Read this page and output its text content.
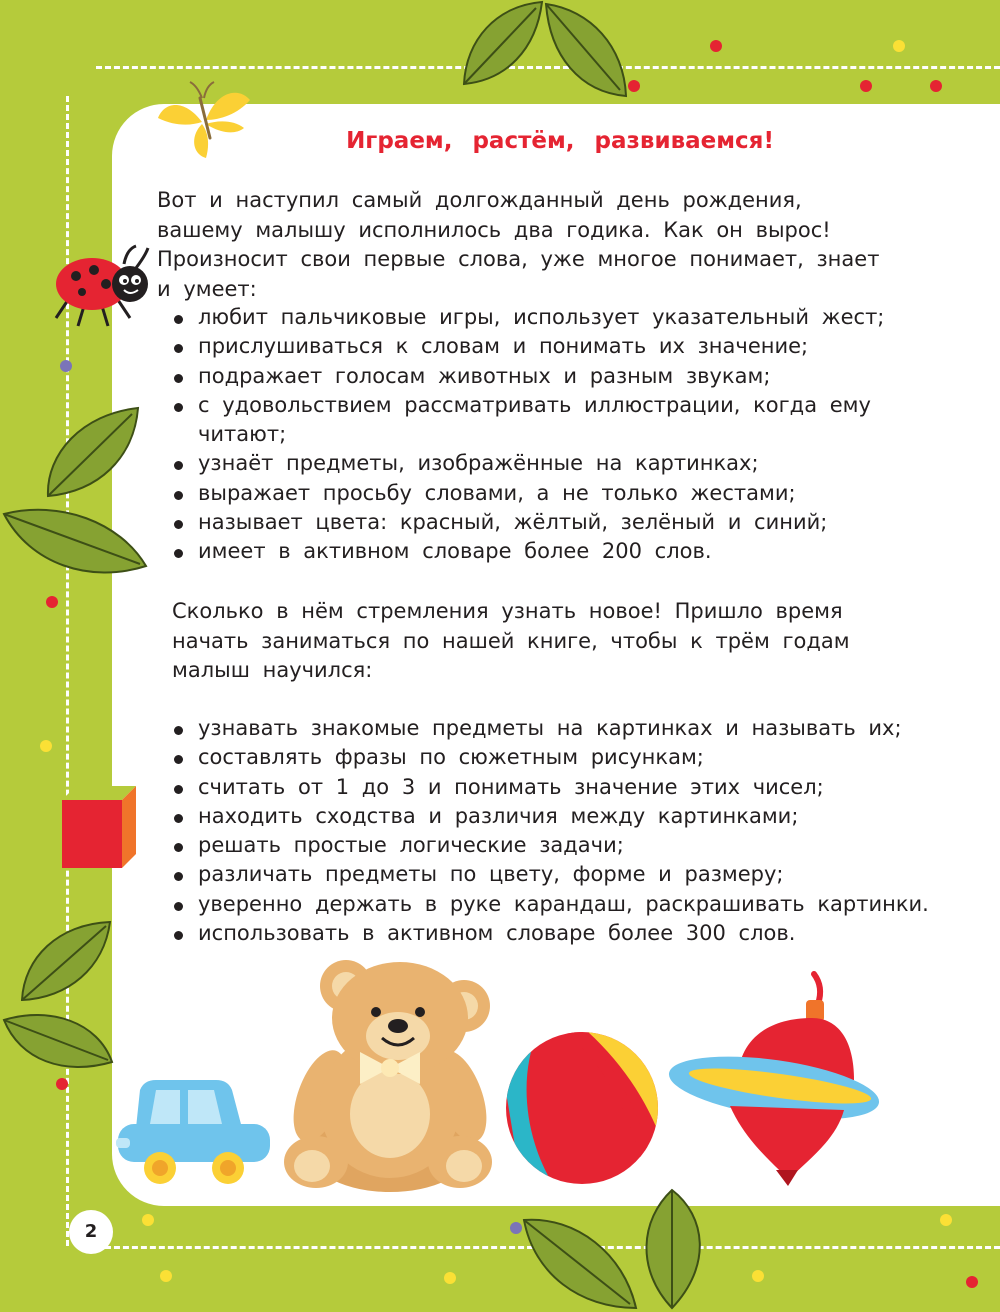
Играем, растём, развиваемся!

Вот и наступил самый долгожданный день рождения, вашему малышу исполнилось два годика. Как он вырос! Произносит свои первые слова, уже многое понимает, знает и умеет:

любит пальчиковые игры, использует указательный жест;
прислушиваться к словам и понимать их значение;
подражает голосам животных и разным звукам;
с удовольствием рассматривать иллюстрации, когда ему читают;
узнаёт предметы, изображённые на картинках;
выражает просьбу словами, а не только жестами;
называет цвета: красный, жёлтый, зелёный и синий;
имеет в активном словаре более 200 слов.

Сколько в нём стремления узнать новое! Пришло время начать заниматься по нашей книге, чтобы к трём годам малыш научился:

узнавать знакомые предметы на картинках и называть их;
составлять фразы по сюжетным рисункам;
считать от 1 до 3 и понимать значение этих чисел;
находить сходства и различия между картинками;
решать простые логические задачи;
различать предметы по цвету, форме и размеру;
уверенно держать в руке карандаш, раскрашивать картинки.
использовать в активном словаре более 300 слов.
2
